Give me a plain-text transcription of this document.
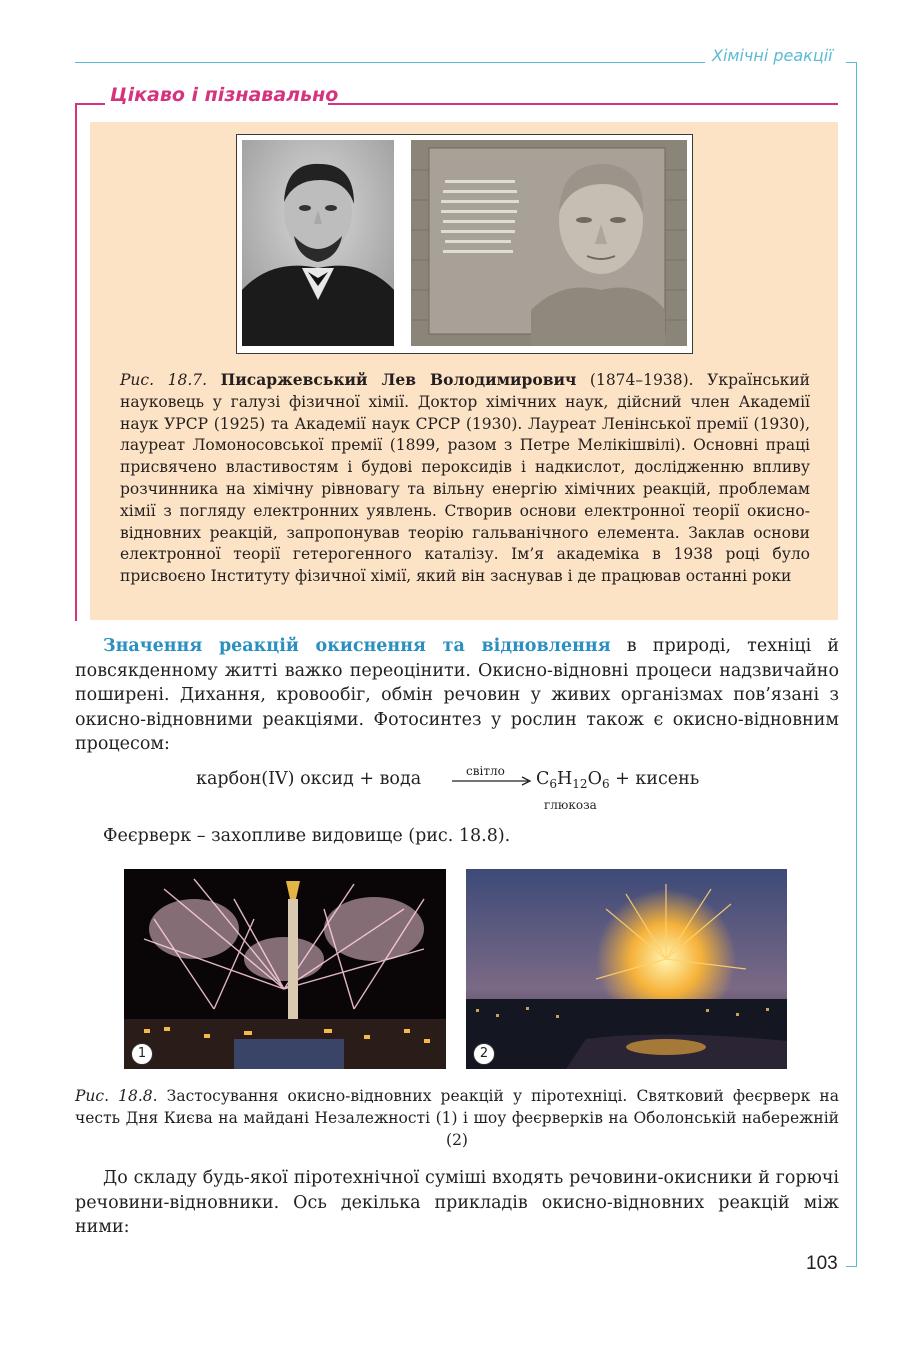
Хімічні реакції
Цікаво і пізнавально
Рис. 18.7. Писаржевський Лев Володимирович (1874–1938). Український науковець у галузі фізичної хімії. Доктор хімічних наук, дійсний член Академії наук УРСР (1925) та Академії наук СРСР (1930). Лауреат Ленінської премії (1930), лауреат Ломоносовської премії (1899, разом з Петре Мелікішвілі). Основні праці присвячено властивостям і будові пероксидів і надкислот, дослідженню впливу розчинника на хімічну рівновагу та вільну енергію хімічних реакцій, проблемам хімії з погляду електронних уявлень. Створив основи електронної теорії окисно-відновних реакцій, запропонував теорію гальванічного елемента. Заклав основи електронної теорії гетерогенного каталізу. Ім’я академіка в 1938 році було присвоєно Інституту фізичної хімії, який він заснував і де працював останні роки
Значення реакцій окиснення та відновлення в природі, техніці й повсякденному житті важко переоцінити. Окисно-відновні процеси надзвичайно поширені. Дихання, кровообіг, обмін речовин у живих організмах пов’язані з окисно-відновними реакціями. Фотосинтез у рослин також є окисно-відновним процесом:
карбон(IV) оксид + вода	світло $C_6H_{12}O_6$ + кисень
глюкоза
Феєрверк – захопливе видовище (рис. 18.8).
1	2
Рис. 18.8. Застосування окисно-відновних реакцій у піротехніці. Святковий феєрверк на честь Дня Києва на майдані Незалежності (1) і шоу феєрверків на Оболонській набережній (2)
До складу будь-якої піротехнічної суміші входять речовини-окисники й горючі речовини-відновники. Ось декілька прикладів окисно-відновних реакцій між ними:
103
